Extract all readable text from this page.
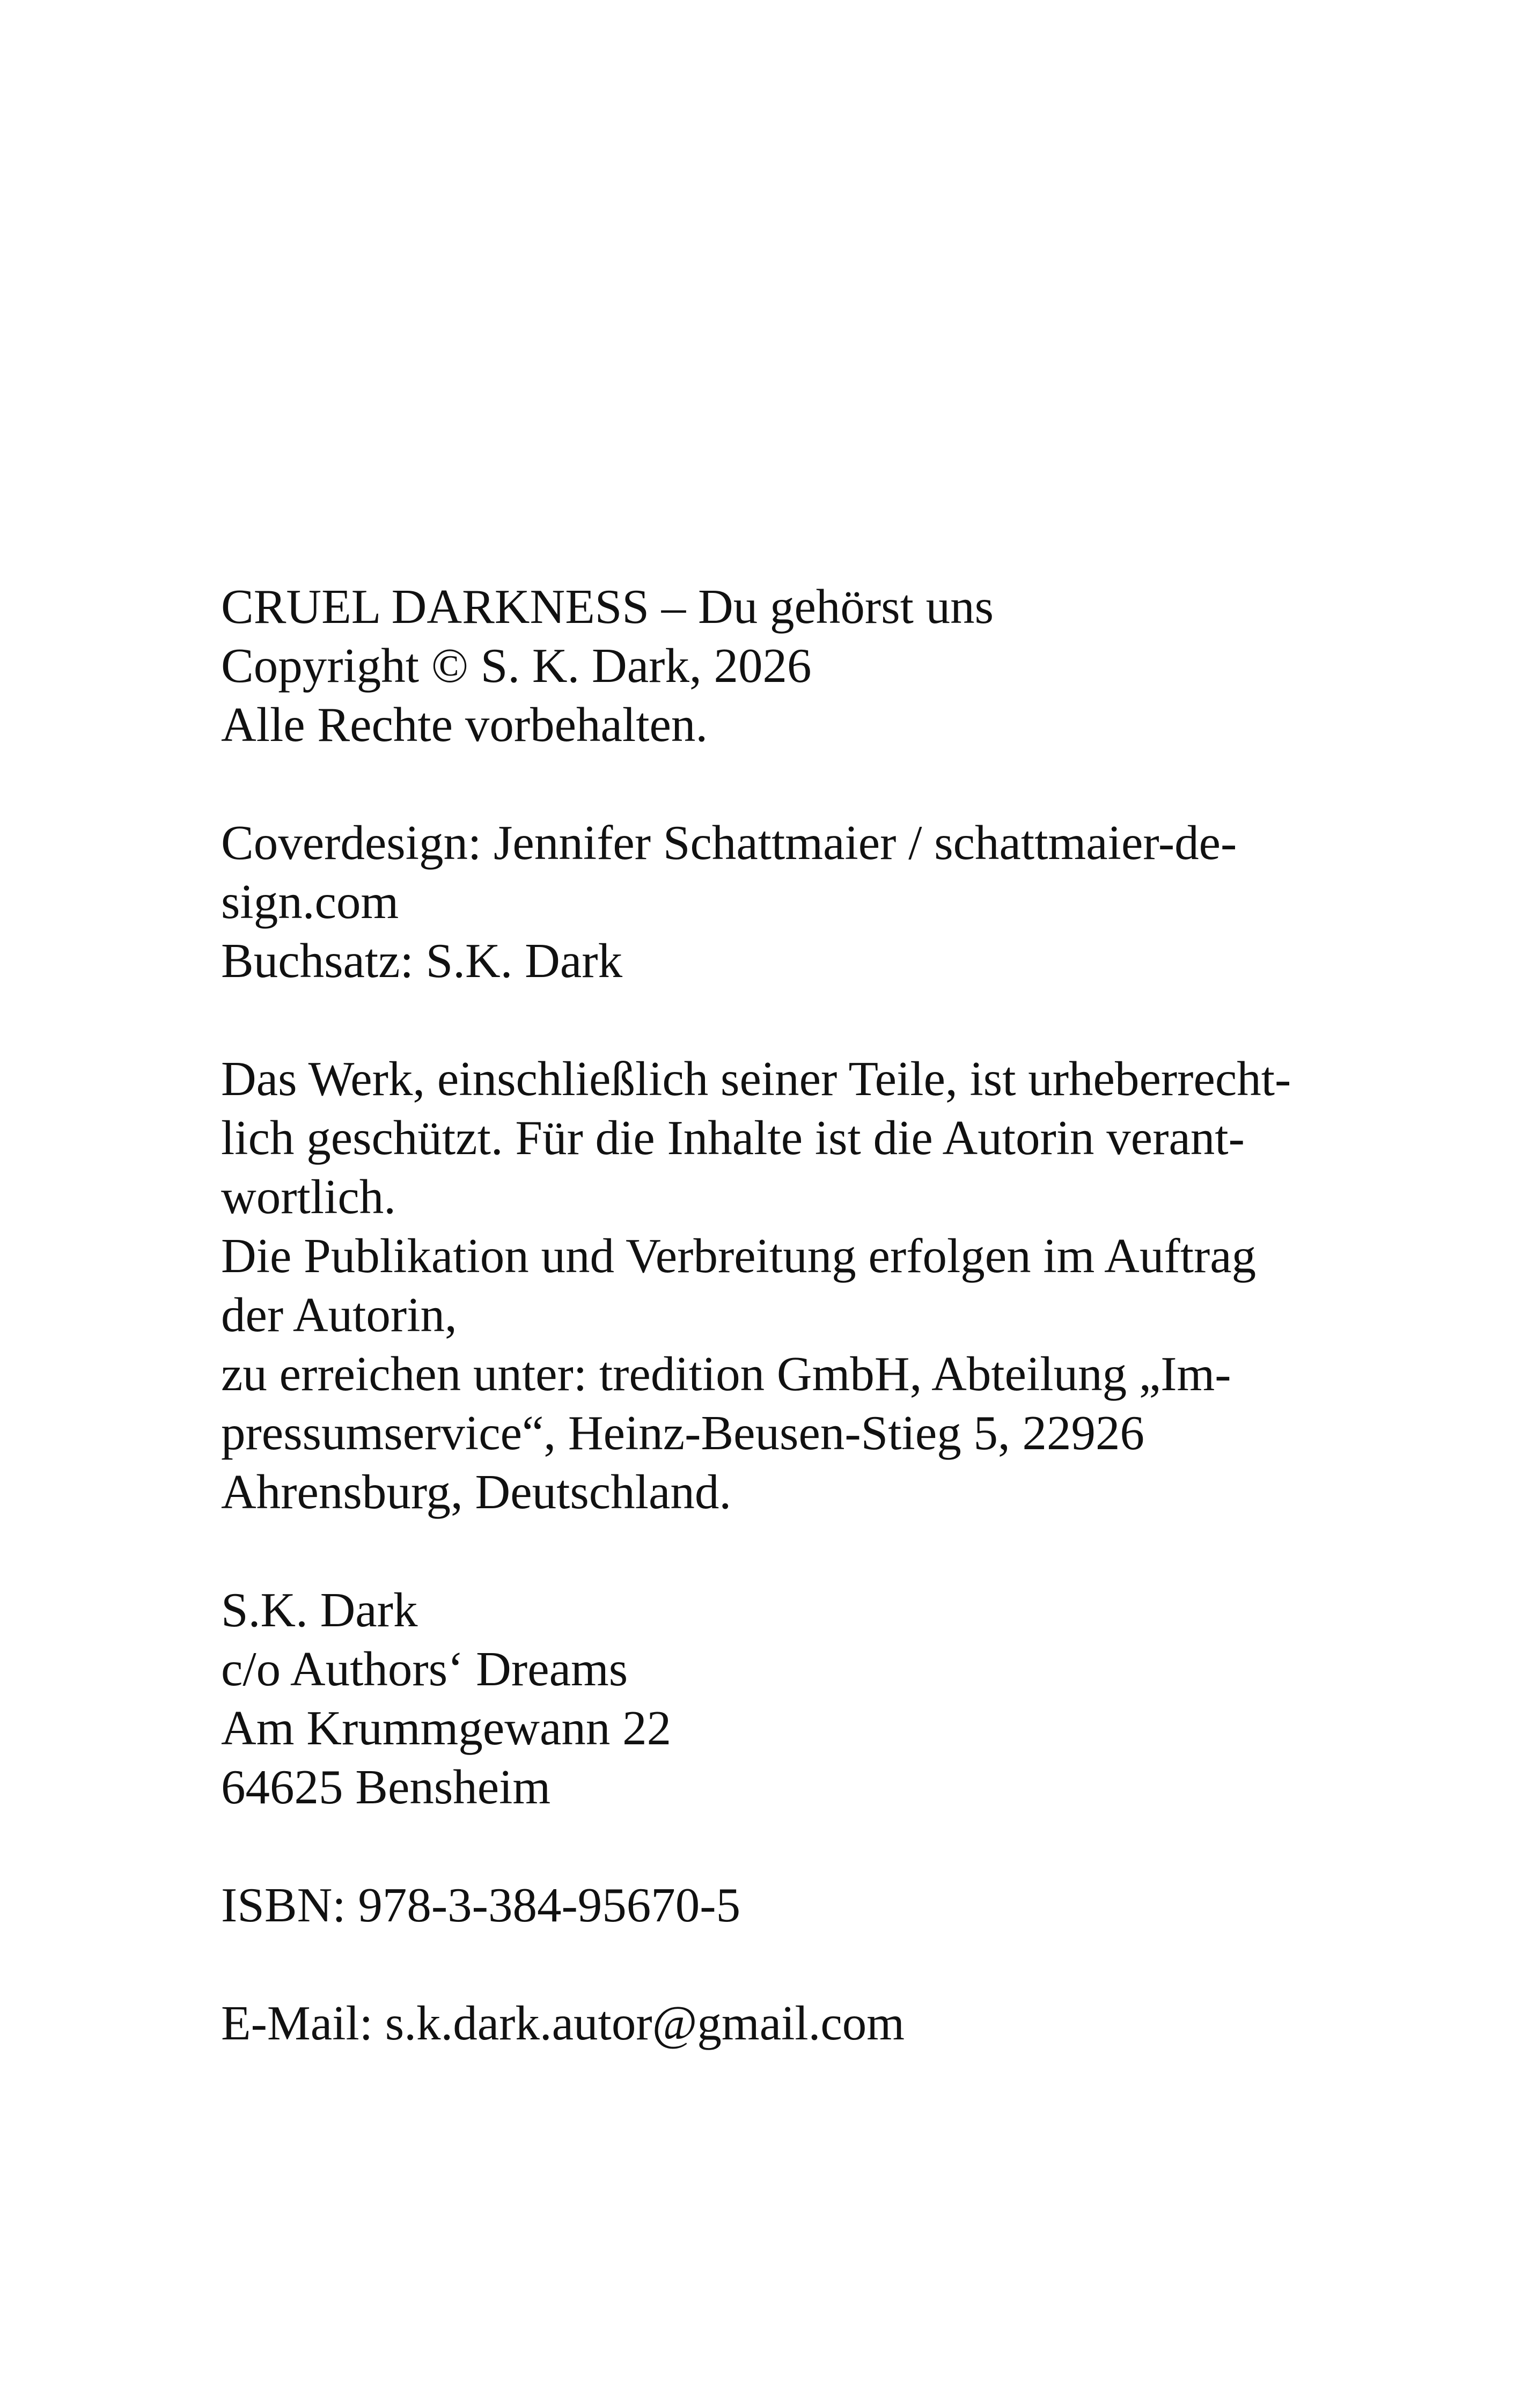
CRUEL DARKNESS – Du gehörst uns
Copyright © S. K. Dark, 2026
Alle Rechte vorbehalten.
Coverdesign: Jennifer Schattmaier / schattmaier-de-
sign.com
Buchsatz: S.K. Dark
Das Werk, einschließlich seiner Teile, ist urheberrecht-
lich geschützt. Für die Inhalte ist die Autorin verant-
wortlich.
Die Publikation und Verbreitung erfolgen im Auftrag
der Autorin,
zu erreichen unter: tredition GmbH, Abteilung „Im-
pressumservice“, Heinz-Beusen-Stieg 5, 22926
Ahrensburg, Deutschland.
S.K. Dark
c/o Authors‘ Dreams
Am Krummgewann 22
64625 Bensheim
ISBN: 978-3-384-95670-5
E-Mail: s.k.dark.autor@gmail.com
